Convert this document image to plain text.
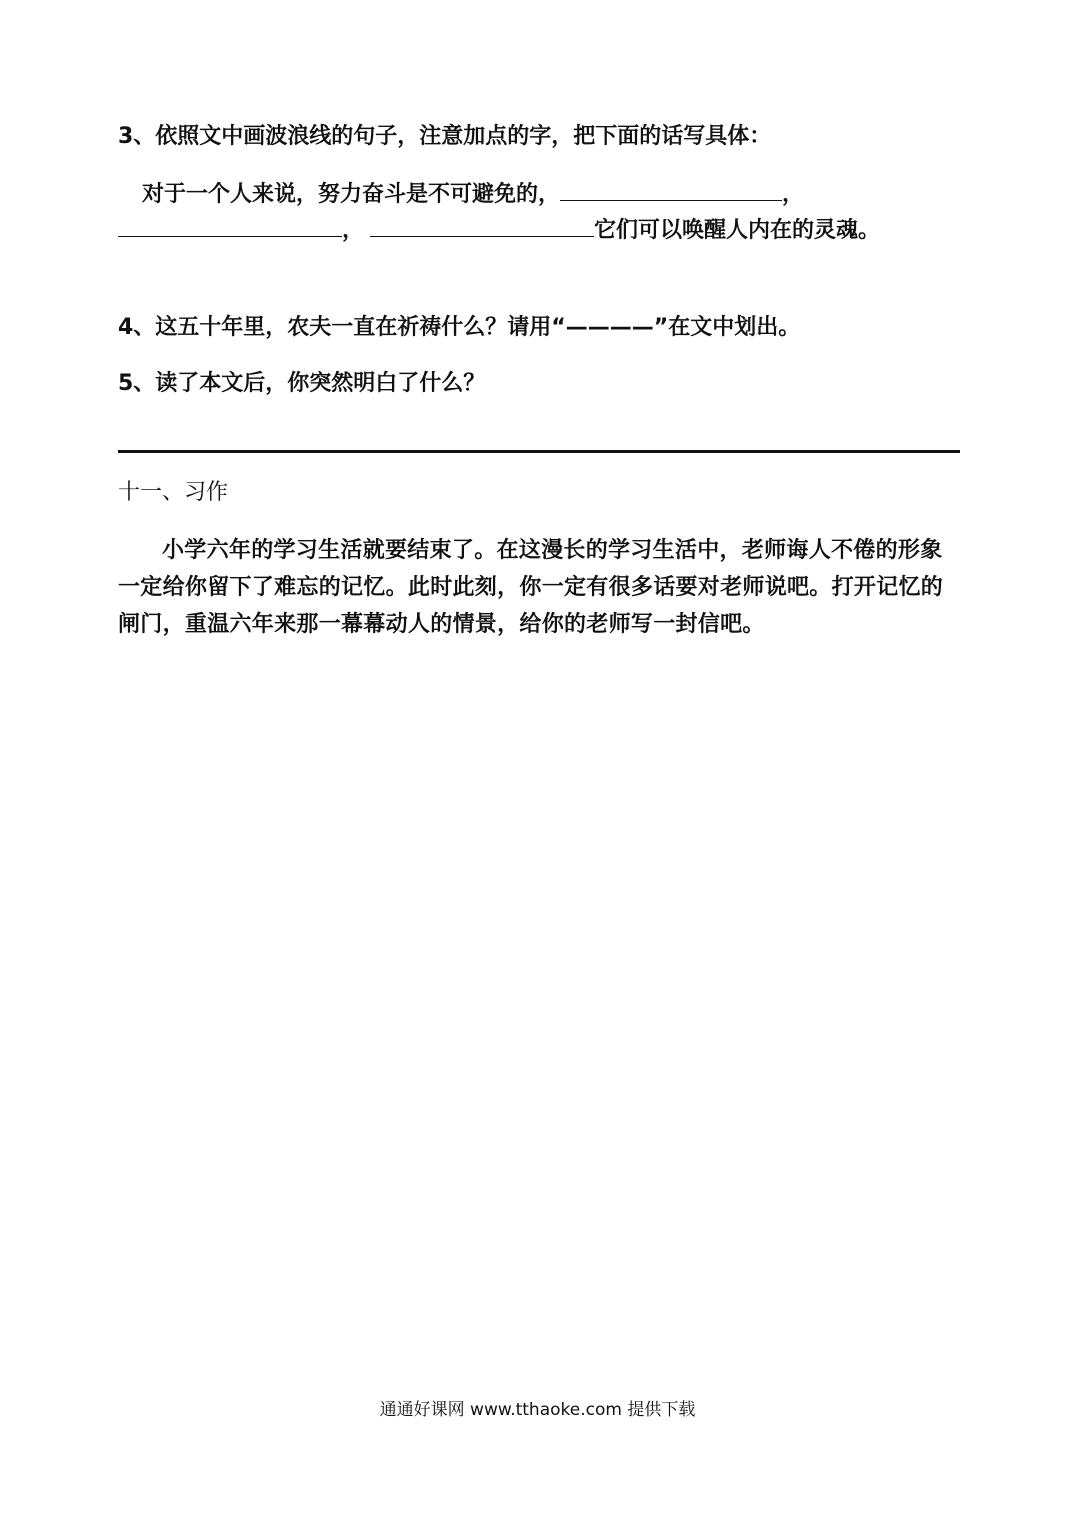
3、依照文中画波浪线的句子，注意加点的字，把下面的话写具体：
对于一个人来说，努力奋斗是不可避免的，	，
，	它们可以唤醒人内在的灵魂。
4、这五十年里，农夫一直在祈祷什么？请用“————”在文中划出。
5、读了本文后，你突然明白了什么？
十一、习作
小学六年的学习生活就要结束了。在这漫长的学习生活中，老师诲人不倦的形象一定给你留下了难忘的记忆。此时此刻，你一定有很多话要对老师说吧。打开记忆的闸门，重温六年来那一幕幕动人的情景，给你的老师写一封信吧。
通通好课网 www.tthaoke.com 提供下载
